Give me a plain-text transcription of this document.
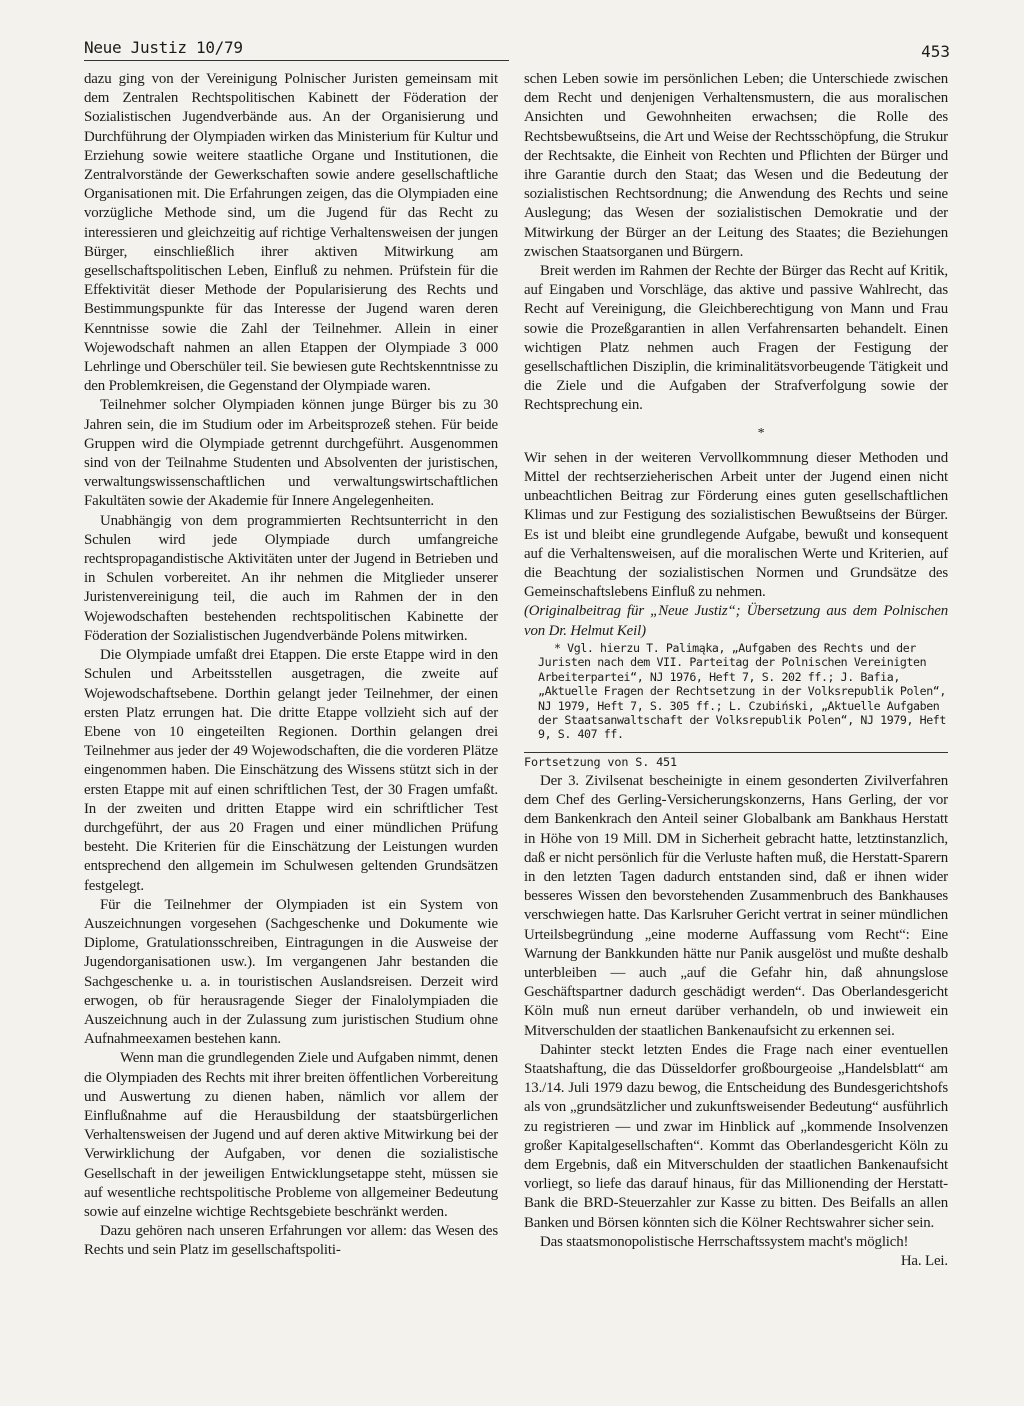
Neue Justiz 10/79	453

dazu ging von der Vereinigung Polnischer Juristen gemeinsam mit dem Zentralen Rechtspolitischen Kabinett der Föderation der Sozialistischen Jugendverbände aus. An der Organisierung und Durchführung der Olympiaden wirken das Ministerium für Kultur und Erziehung sowie weitere staatliche Organe und Institutionen, die Zentralvorstände der Gewerkschaften sowie andere gesellschaftliche Organisationen mit. Die Erfahrungen zeigen, das die Olympiaden eine vorzügliche Methode sind, um die Jugend für das Recht zu interessieren und gleichzeitig auf richtige Verhaltensweisen der jungen Bürger, einschließlich ihrer aktiven Mitwirkung am gesellschaftspolitischen Leben, Einfluß zu nehmen. Prüfstein für die Effektivität dieser Methode der Popularisierung des Rechts und Bestimmungspunkte für das Interesse der Jugend waren deren Kenntnisse sowie die Zahl der Teilnehmer. Allein in einer Wojewodschaft nahmen an allen Etappen der Olympiade 3 000 Lehrlinge und Oberschüler teil. Sie bewiesen gute Rechtskenntnisse zu den Problemkreisen, die Gegenstand der Olympiade waren.

Teilnehmer solcher Olympiaden können junge Bürger bis zu 30 Jahren sein, die im Studium oder im Arbeitsprozeß stehen. Für beide Gruppen wird die Olympiade getrennt durchgeführt. Ausgenommen sind von der Teilnahme Studenten und Absolventen der juristischen, verwaltungswissenschaftlichen und verwaltungswirtschaftlichen Fakultäten sowie der Akademie für Innere Angelegenheiten.

Unabhängig von dem programmierten Rechtsunterricht in den Schulen wird jede Olympiade durch umfangreiche rechtspropagandistische Aktivitäten unter der Jugend in Betrieben und in Schulen vorbereitet. An ihr nehmen die Mitglieder unserer Juristenvereinigung teil, die auch im Rahmen der in den Wojewodschaften bestehenden rechtspolitischen Kabinette der Föderation der Sozialistischen Jugendverbände Polens mitwirken.

Die Olympiade umfaßt drei Etappen. Die erste Etappe wird in den Schulen und Arbeitsstellen ausgetragen, die zweite auf Wojewodschaftsebene. Dorthin gelangt jeder Teilnehmer, der einen ersten Platz errungen hat. Die dritte Etappe vollzieht sich auf der Ebene von 10 eingeteilten Regionen. Dorthin gelangen drei Teilnehmer aus jeder der 49 Wojewodschaften, die die vorderen Plätze eingenommen haben. Die Einschätzung des Wissens stützt sich in der ersten Etappe mit auf einen schriftlichen Test, der 30 Fragen umfaßt. In der zweiten und dritten Etappe wird ein schriftlicher Test durchgeführt, der aus 20 Fragen und einer mündlichen Prüfung besteht. Die Kriterien für die Einschätzung der Leistungen wurden entsprechend den allgemein im Schulwesen geltenden Grundsätzen festgelegt.

Für die Teilnehmer der Olympiaden ist ein System von Auszeichnungen vorgesehen (Sachgeschenke und Dokumente wie Diplome, Gratulationsschreiben, Eintragungen in die Ausweise der Jugendorganisationen usw.). Im vergangenen Jahr bestanden die Sachgeschenke u. a. in touristischen Auslandsreisen. Derzeit wird erwogen, ob für herausragende Sieger der Finalolympiaden die Auszeichnung auch in der Zulassung zum juristischen Studium ohne Aufnahmeexamen bestehen kann.

Wenn man die grundlegenden Ziele und Aufgaben nimmt, denen die Olympiaden des Rechts mit ihrer breiten öffentlichen Vorbereitung und Auswertung zu dienen haben, nämlich vor allem der Einflußnahme auf die Herausbildung der staatsbürgerlichen Verhaltensweisen der Jugend und auf deren aktive Mitwirkung bei der Verwirklichung der Aufgaben, vor denen die sozialistische Gesellschaft in der jeweiligen Entwicklungsetappe steht, müssen sie auf wesentliche rechtspolitische Probleme von allgemeiner Bedeutung sowie auf einzelne wichtige Rechtsgebiete beschränkt werden.

Dazu gehören nach unseren Erfahrungen vor allem: das Wesen des Rechts und sein Platz im gesellschaftspoliti-

schen Leben sowie im persönlichen Leben; die Unterschiede zwischen dem Recht und denjenigen Verhaltensmustern, die aus moralischen Ansichten und Gewohnheiten erwachsen; die Rolle des Rechtsbewußtseins, die Art und Weise der Rechtsschöpfung, die Strukur der Rechtsakte, die Einheit von Rechten und Pflichten der Bürger und ihre Garantie durch den Staat; das Wesen und die Bedeutung der sozialistischen Rechtsordnung; die Anwendung des Rechts und seine Auslegung; das Wesen der sozialistischen Demokratie und der Mitwirkung der Bürger an der Leitung des Staates; die Beziehungen zwischen Staatsorganen und Bürgern.

Breit werden im Rahmen der Rechte der Bürger das Recht auf Kritik, auf Eingaben und Vorschläge, das aktive und passive Wahlrecht, das Recht auf Vereinigung, die Gleichberechtigung von Mann und Frau sowie die Prozeßgarantien in allen Verfahrensarten behandelt. Einen wichtigen Platz nehmen auch Fragen der Festigung der gesellschaftlichen Disziplin, die kriminalitätsvorbeugende Tätigkeit und die Ziele und die Aufgaben der Strafverfolgung sowie der Rechtsprechung ein.

*

Wir sehen in der weiteren Vervollkommnung dieser Methoden und Mittel der rechtserzieherischen Arbeit unter der Jugend einen nicht unbeachtlichen Beitrag zur Förderung eines guten gesellschaftlichen Klimas und zur Festigung des sozialistischen Bewußtseins der Bürger. Es ist und bleibt eine grundlegende Aufgabe, bewußt und konsequent auf die Verhaltensweisen, auf die moralischen Werte und Kriterien, auf die Beachtung der sozialistischen Normen und Grundsätze des Gemeinschaftslebens Einfluß zu nehmen.

(Originalbeitrag für „Neue Justiz“; Übersetzung aus dem Polnischen von Dr. Helmut Keil)

* Vgl. hierzu T. Palimąka, „Aufgaben des Rechts und der Juristen nach dem VII. Parteitag der Polnischen Vereinigten Arbeiterpartei“, NJ 1976, Heft 7, S. 202 ff.; J. Bafia, „Aktuelle Fragen der Rechtsetzung in der Volksrepublik Polen“, NJ 1979, Heft 7, S. 305 ff.; L. Czubiński, „Aktuelle Aufgaben der Staatsanwaltschaft der Volksrepublik Polen“, NJ 1979, Heft 9, S. 407 ff.

Fortsetzung von S. 451

Der 3. Zivilsenat bescheinigte in einem gesonderten Zivilverfahren dem Chef des Gerling-Versicherungskonzerns, Hans Gerling, der vor dem Bankenkrach den Anteil seiner Globalbank am Bankhaus Herstatt in Höhe von 19 Mill. DM in Sicherheit gebracht hatte, letztinstanzlich, daß er nicht persönlich für die Verluste haften muß, die Herstatt-Sparern in den letzten Tagen dadurch entstanden sind, daß er ihnen wider besseres Wissen den bevorstehenden Zusammenbruch des Bankhauses verschwiegen hatte. Das Karlsruher Gericht vertrat in seiner mündlichen Urteilsbegründung „eine moderne Auffassung vom Recht“: Eine Warnung der Bankkunden hätte nur Panik ausgelöst und mußte deshalb unterbleiben — auch „auf die Gefahr hin, daß ahnungslose Geschäftspartner dadurch geschädigt werden“. Das Oberlandesgericht Köln muß nun erneut darüber verhandeln, ob und inwieweit ein Mitverschulden der staatlichen Bankenaufsicht zu erkennen sei.

Dahinter steckt letzten Endes die Frage nach einer eventuellen Staatshaftung, die das Düsseldorfer großbourgeoise „Handelsblatt“ am 13./14. Juli 1979 dazu bewog, die Entscheidung des Bundesgerichtshofs als von „grundsätzlicher und zukunftsweisender Bedeutung“ ausführlich zu registrieren — und zwar im Hinblick auf „kommende Insolvenzen großer Kapitalgesellschaften“. Kommt das Oberlandesgericht Köln zu dem Ergebnis, daß ein Mitverschulden der staatlichen Bankenaufsicht vorliegt, so liefe das darauf hinaus, für das Millionending der Herstatt-Bank die BRD-Steuerzahler zur Kasse zu bitten. Des Beifalls an allen Banken und Börsen könnten sich die Kölner Rechtswahrer sicher sein.

Das staatsmonopolistische Herrschaftssystem macht's möglich!

Ha. Lei.
